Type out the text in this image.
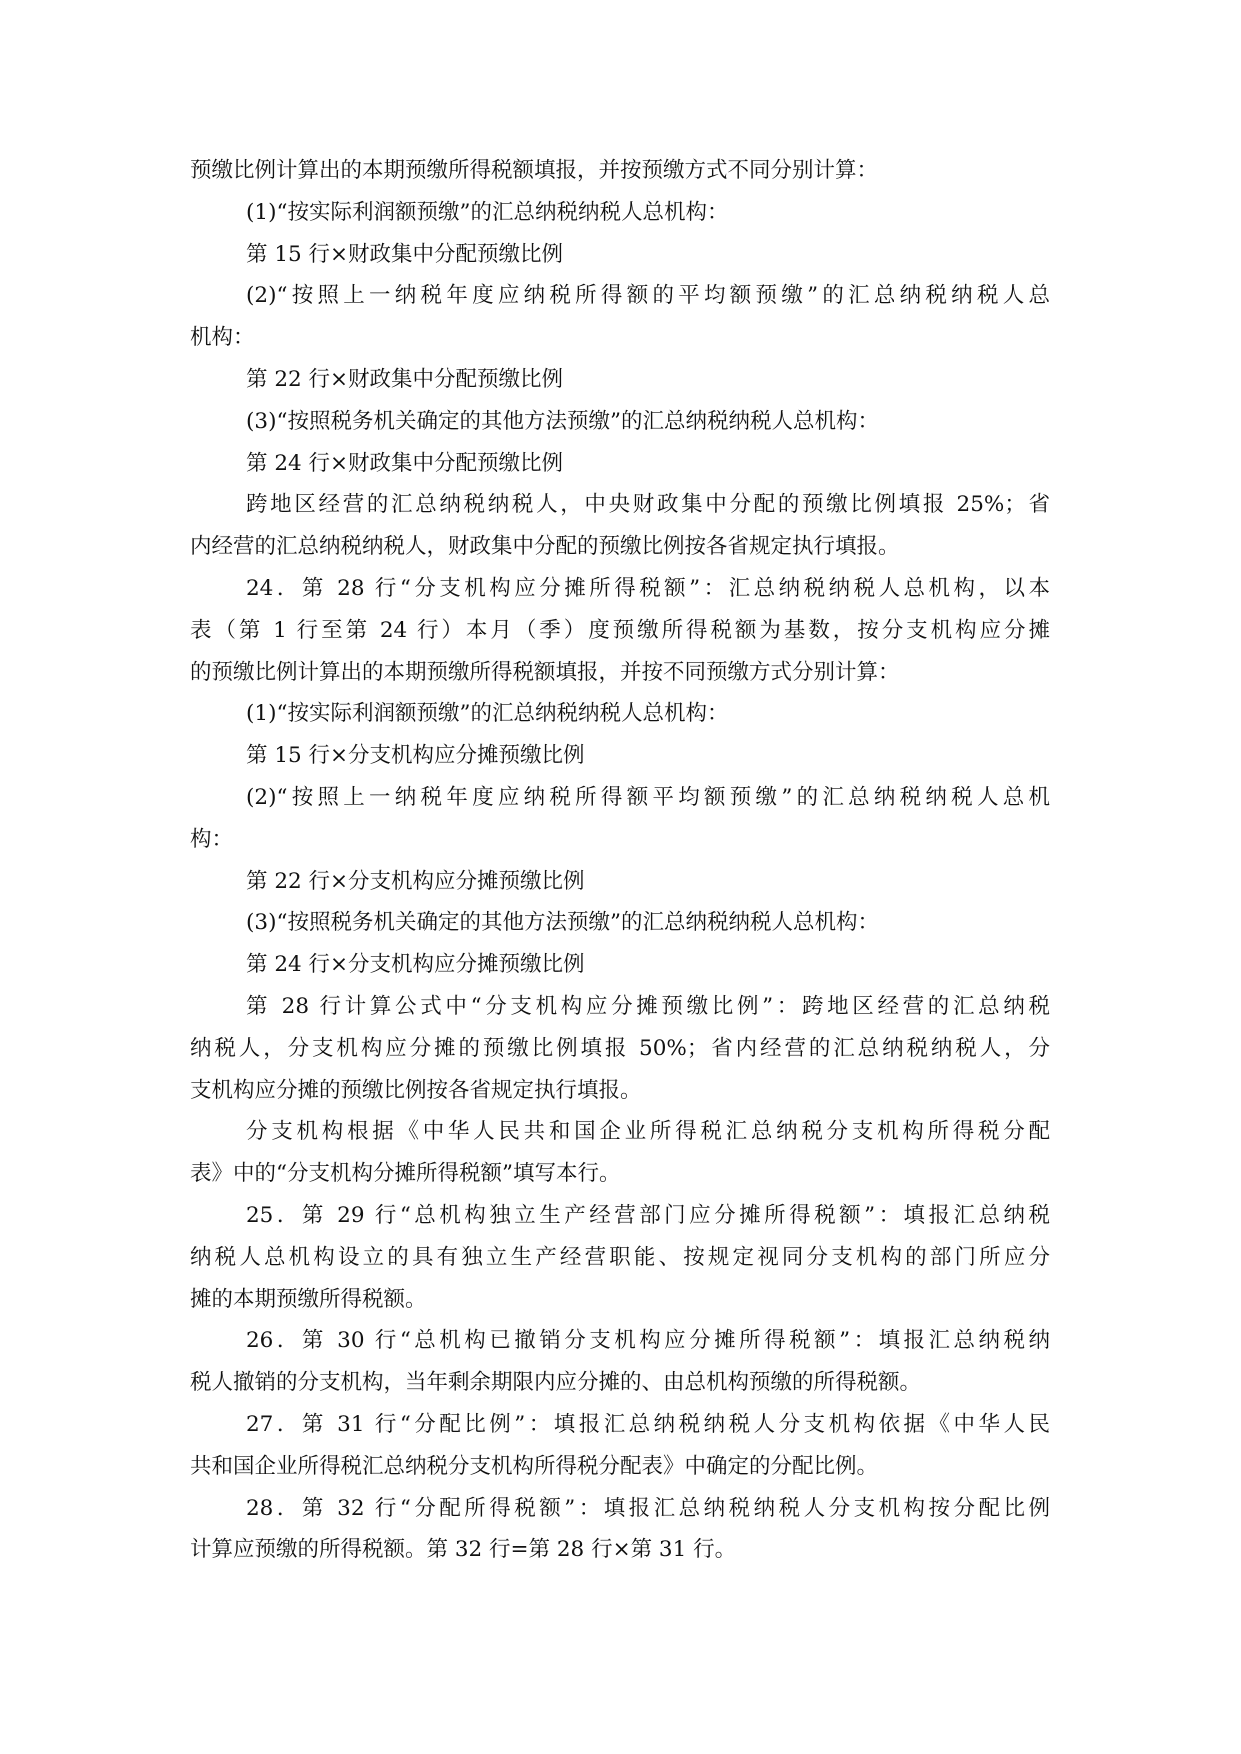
预缴比例计算出的本期预缴所得税额填报，并按预缴方式不同分别计算：
(1)“按实际利润额预缴”的汇总纳税纳税人总机构：
第 15 行×财政集中分配预缴比例
(2)“按照上一纳税年度应纳税所得额的平均额预缴”的汇总纳税纳税人总
机构：
第 22 行×财政集中分配预缴比例
(3)“按照税务机关确定的其他方法预缴”的汇总纳税纳税人总机构：
第 24 行×财政集中分配预缴比例
跨地区经营的汇总纳税纳税人，中央财政集中分配的预缴比例填报 25%；省
内经营的汇总纳税纳税人，财政集中分配的预缴比例按各省规定执行填报。
24．第 28 行“分支机构应分摊所得税额”：汇总纳税纳税人总机构，以本
表（第 1 行至第 24 行）本月（季）度预缴所得税额为基数，按分支机构应分摊
的预缴比例计算出的本期预缴所得税额填报，并按不同预缴方式分别计算：
(1)“按实际利润额预缴”的汇总纳税纳税人总机构：
第 15 行×分支机构应分摊预缴比例
(2)“按照上一纳税年度应纳税所得额平均额预缴”的汇总纳税纳税人总机
构：
第 22 行×分支机构应分摊预缴比例
(3)“按照税务机关确定的其他方法预缴”的汇总纳税纳税人总机构：
第 24 行×分支机构应分摊预缴比例
第 28 行计算公式中“分支机构应分摊预缴比例”：跨地区经营的汇总纳税
纳税人，分支机构应分摊的预缴比例填报 50%；省内经营的汇总纳税纳税人，分
支机构应分摊的预缴比例按各省规定执行填报。
分支机构根据《中华人民共和国企业所得税汇总纳税分支机构所得税分配
表》中的“分支机构分摊所得税额”填写本行。
25．第 29 行“总机构独立生产经营部门应分摊所得税额”：填报汇总纳税
纳税人总机构设立的具有独立生产经营职能、按规定视同分支机构的部门所应分
摊的本期预缴所得税额。
26．第 30 行“总机构已撤销分支机构应分摊所得税额”：填报汇总纳税纳
税人撤销的分支机构，当年剩余期限内应分摊的、由总机构预缴的所得税额。
27．第 31 行“分配比例”：填报汇总纳税纳税人分支机构依据《中华人民
共和国企业所得税汇总纳税分支机构所得税分配表》中确定的分配比例。
28．第 32 行“分配所得税额”：填报汇总纳税纳税人分支机构按分配比例
计算应预缴的所得税额。第 32 行=第 28 行×第 31 行。
